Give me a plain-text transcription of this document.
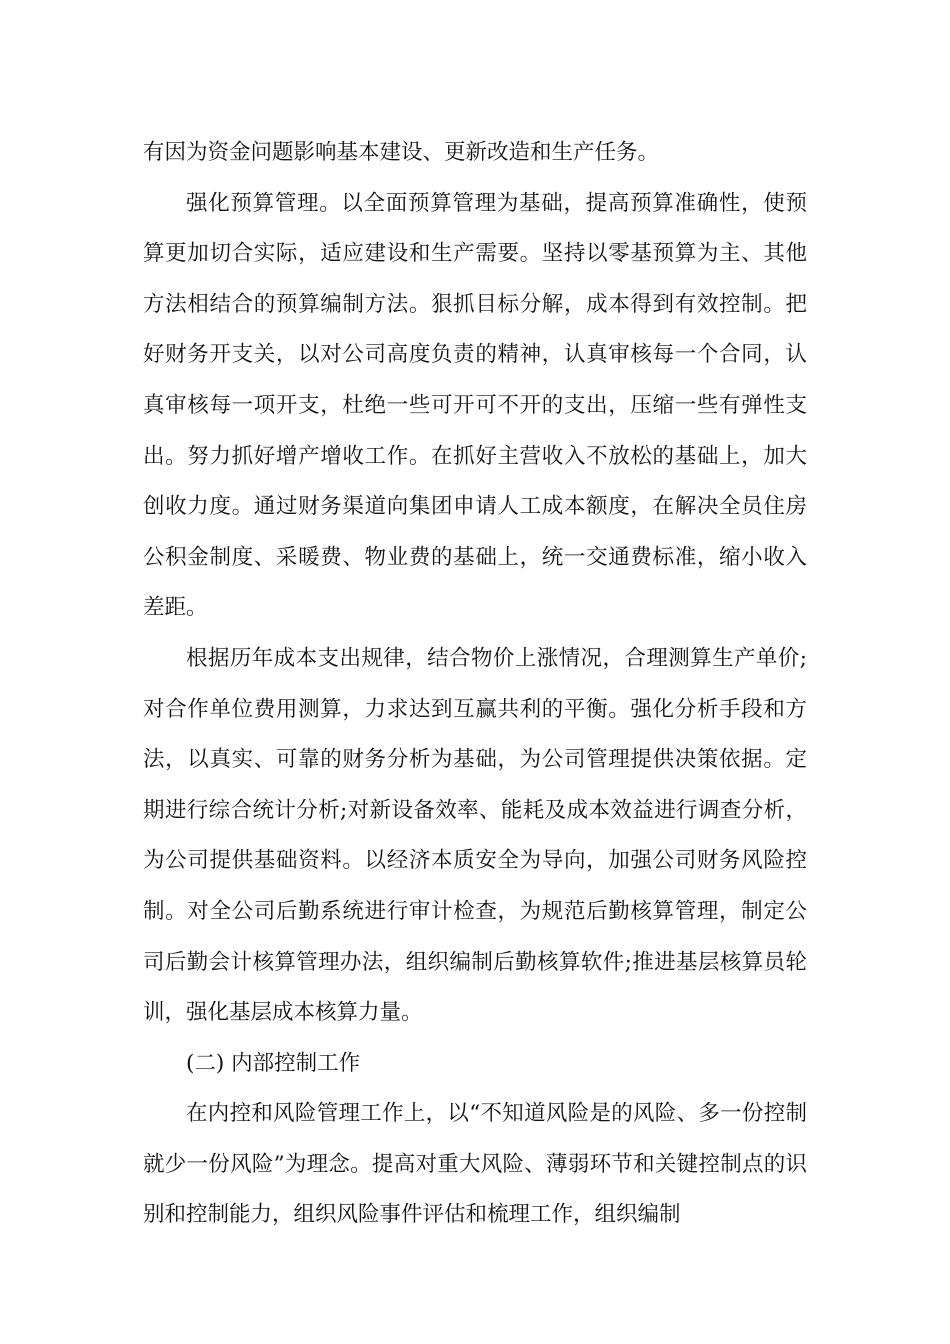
有因为资金问题影响基本建设、更新改造和生产任务。

强化预算管理。以全面预算管理为基础，提高预算准确性，使预算更加切合实际，适应建设和生产需要。坚持以零基预算为主、其他方法相结合的预算编制方法。狠抓目标分解，成本得到有效控制。把好财务开支关，以对公司高度负责的精神，认真审核每一个合同，认真审核每一项开支，杜绝一些可开可不开的支出，压缩一些有弹性支出。努力抓好增产增收工作。在抓好主营收入不放松的基础上，加大创收力度。通过财务渠道向集团申请人工成本额度，在解决全员住房公积金制度、采暖费、物业费的基础上，统一交通费标准，缩小收入差距。

根据历年成本支出规律，结合物价上涨情况，合理测算生产单价;对合作单位费用测算，力求达到互赢共利的平衡。强化分析手段和方法，以真实、可靠的财务分析为基础，为公司管理提供决策依据。定期进行综合统计分析;对新设备效率、能耗及成本效益进行调查分析，为公司提供基础资料。以经济本质安全为导向，加强公司财务风险控制。对全公司后勤系统进行审计检查，为规范后勤核算管理，制定公司后勤会计核算管理办法，组织编制后勤核算软件;推进基层核算员轮训，强化基层成本核算力量。

(二) 内部控制工作

在内控和风险管理工作上，以“不知道风险是的风险、多一份控制就少一份风险”为理念。提高对重大风险、薄弱环节和关键控制点的识别和控制能力，组织风险事件评估和梳理工作，组织编制
